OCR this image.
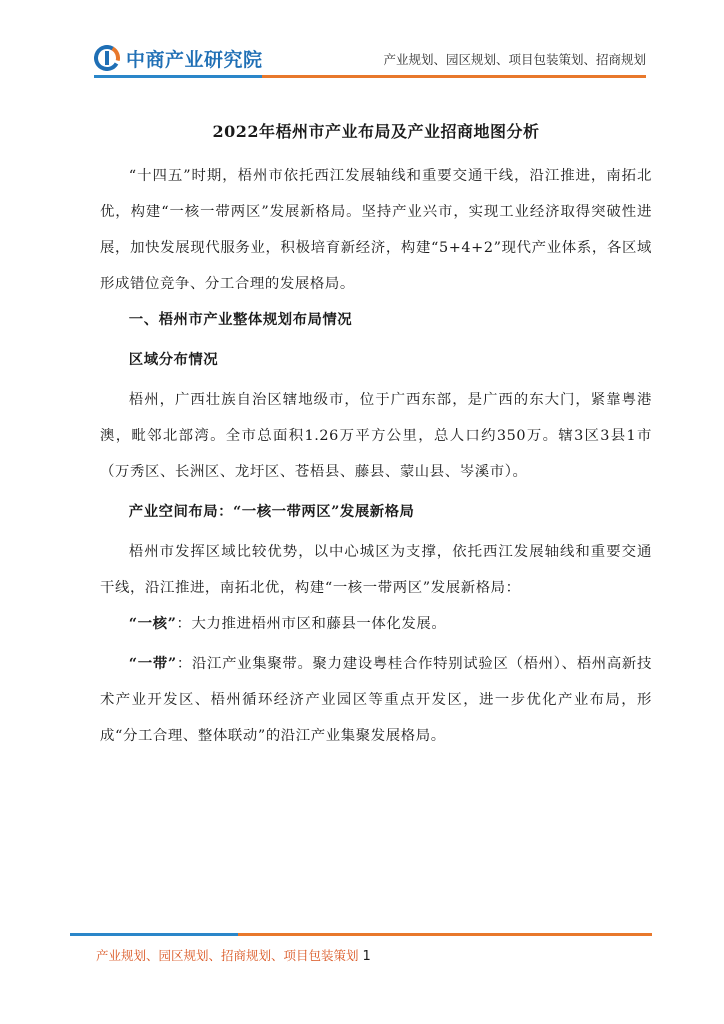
中商产业研究院	产业规划、园区规划、项目包装策划、招商规划
2022年梧州市产业布局及产业招商地图分析

“十四五”时期，梧州市依托西江发展轴线和重要交通干线，沿江推进，南拓北优，构建“一核一带两区”发展新格局。坚持产业兴市，实现工业经济取得突破性进展，加快发展现代服务业，积极培育新经济，构建“5+4+2”现代产业体系，各区域形成错位竞争、分工合理的发展格局。

一、梧州市产业整体规划布局情况
区域分布情况

梧州，广西壮族自治区辖地级市，位于广西东部，是广西的东大门，紧靠粤港澳，毗邻北部湾。全市总面积1.26万平方公里，总人口约350万。辖3区3县1市（万秀区、长洲区、龙圩区、苍梧县、藤县、蒙山县、岑溪市）。

产业空间布局：“一核一带两区”发展新格局

梧州市发挥区域比较优势，以中心城区为支撑，依托西江发展轴线和重要交通干线，沿江推进，南拓北优，构建“一核一带两区”发展新格局：

“一核”：大力推进梧州市区和藤县一体化发展。

“一带”：沿江产业集聚带。聚力建设粤桂合作特别试验区（梧州）、梧州高新技术产业开发区、梧州循环经济产业园区等重点开发区，进一步优化产业布局，形成“分工合理、整体联动”的沿江产业集聚发展格局。

产业规划、园区规划、招商规划、项目包装策划 1
